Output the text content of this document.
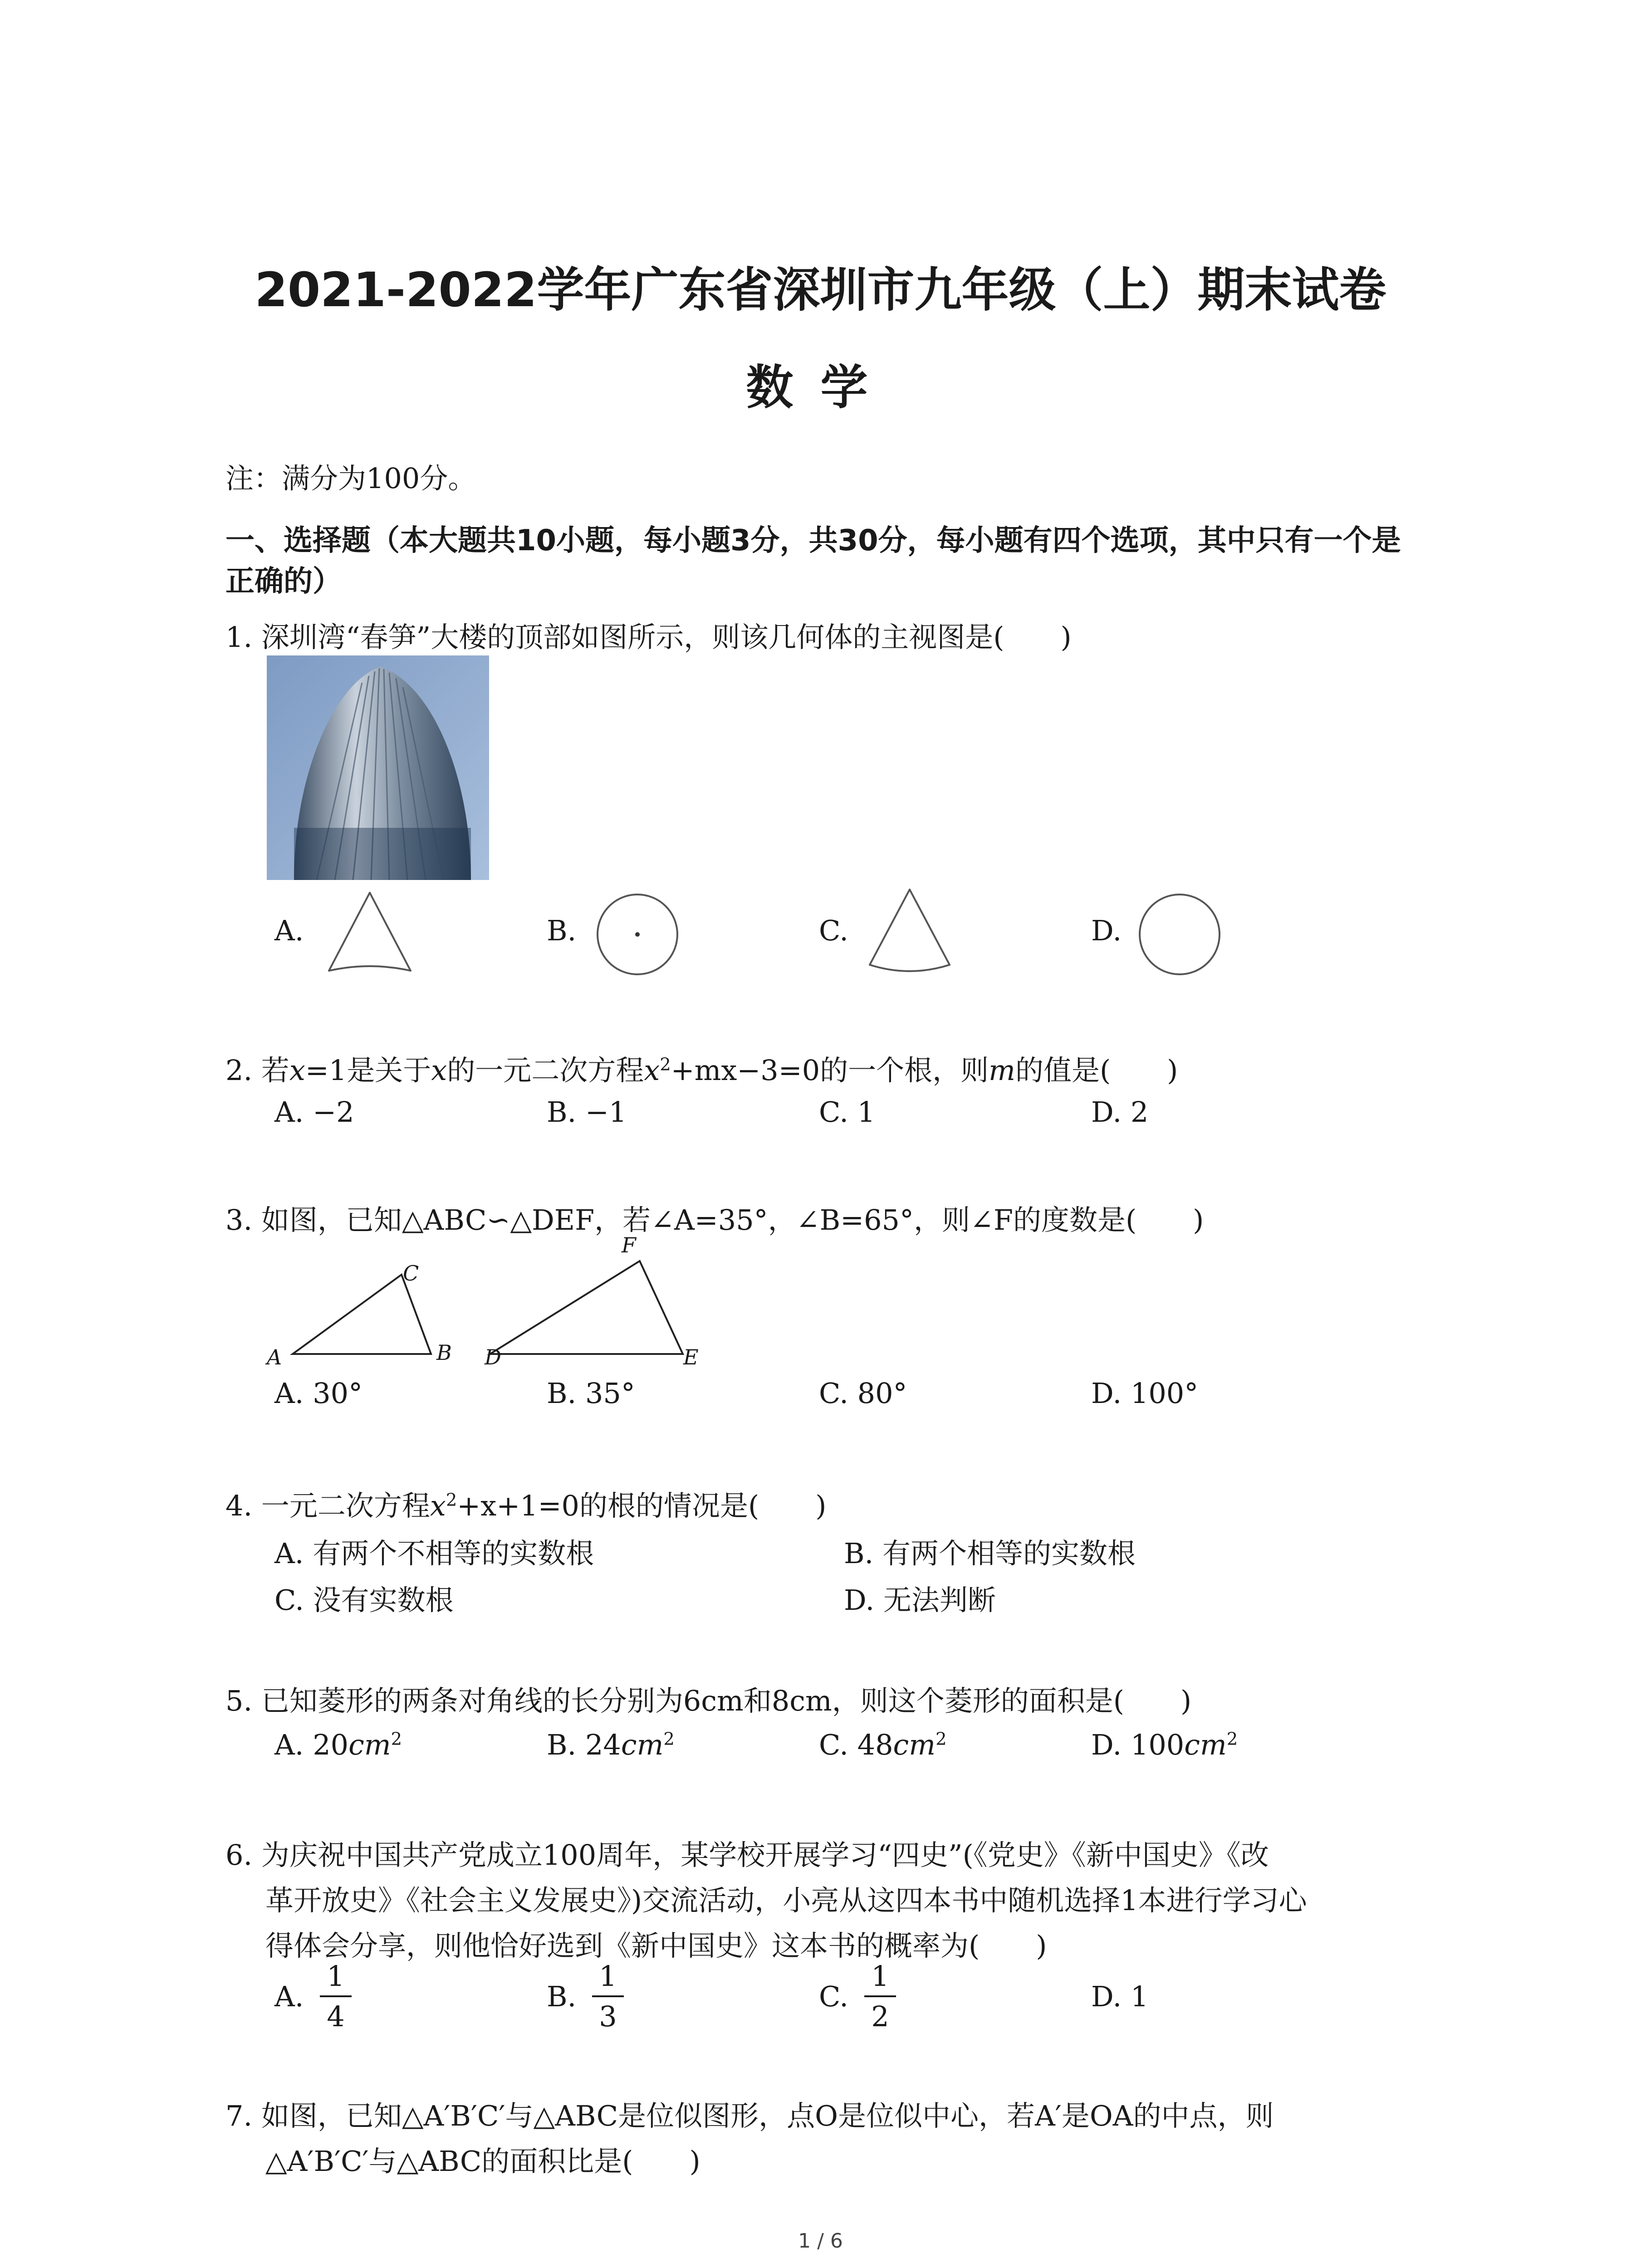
2021-2022学年广东省深圳市九年级（上）期末试卷
数学
注：满分为100分。
一、选择题（本大题共10小题，每小题3分，共30分，每小题有四个选项，其中只有一个是
正确的）
1. 深圳湾“春笋”大楼的顶部如图所示，则该几何体的主视图是(　　)
A.	B.	C.	D.
2. 若x=1是关于x的一元二次方程$x^2+mx-3=0$的一个根，则m的值是(　　)
A. −2	B. −1	C. 1	D. 2
3. 如图，已知△ABC∽△DEF，若∠A=35°，∠B=65°，则∠F的度数是(　　)
A	B
C
D	E
F
A. 30°	B. 35°	C. 80°	D. 100°
4. 一元二次方程$x^2+x+1=0$的根的情况是(　　)
A. 有两个不相等的实数根	B. 有两个相等的实数根
C. 没有实数根	D. 无法判断
5. 已知菱形的两条对角线的长分别为6cm和8cm，则这个菱形的面积是(　　)
A. $20cm^2$	B. $24cm^2$	C. $48cm^2$	D. $100cm^2$
6. 为庆祝中国共产党成立100周年，某学校开展学习“四史”(《党史》《新中国史》《改
革开放史》《社会主义发展史》)交流活动，小亮从这四本书中随机选择1本进行学习心
得体会分享，则他恰好选到《新中国史》这本书的概率为(　　)
A. $\frac{1}{4}$	B. $\frac{1}{3}$	C. $\frac{1}{2}$	D. 1
7. 如图，已知△A′B′C′与△ABC是位似图形，点O是位似中心，若A′是OA的中点，则
△A′B′C′与△ABC的面积比是(　　)
1 / 6
